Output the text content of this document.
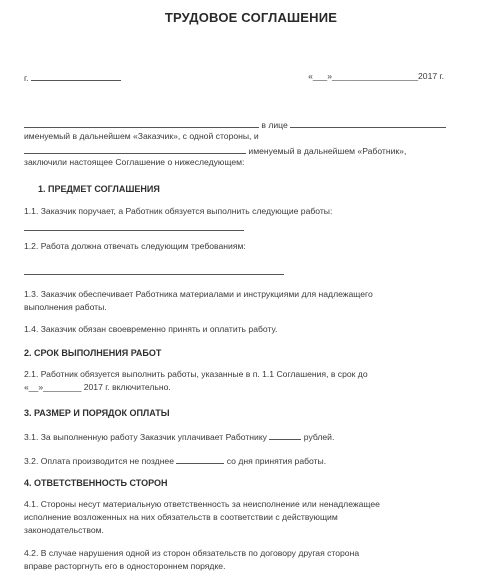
ТРУДОВОЕ СОГЛАШЕНИЕ
г.	«___»__________________2017 г.
в лице
именуемый в дальнейшем «Заказчик», с одной стороны, и
именуемый в дальнейшем «Работник»,
заключили настоящее Соглашение о нижеследующем:
1. ПРЕДМЕТ СОГЛАШЕНИЯ
1.1. Заказчик поручает, а Работник обязуется выполнить следующие работы:
1.2. Работа должна отвечать следующим требованиям:
1.3. Заказчик обеспечивает Работника материалами и инструкциями для надлежащего
выполнения работы.
1.4. Заказчик обязан своевременно принять и оплатить работу.
2. СРОК ВЫПОЛНЕНИЯ РАБОТ
2.1. Работник обязуется выполнить работы, указанные в п. 1.1 Соглашения, в срок до
«__»________ 2017 г. включительно.
3. РАЗМЕР И ПОРЯДОК ОПЛАТЫ
3.1. За выполненную работу Заказчик уплачивает Работнику	рублей.
3.2. Оплата производится не позднее	со дня принятия работы.
4. ОТВЕТСТВЕННОСТЬ СТОРОН
4.1. Стороны несут материальную ответственность за неисполнение или ненадлежащее
исполнение возложенных на них обязательств в соответствии с действующим
законодательством.
4.2. В случае нарушения одной из сторон обязательств по договору другая сторона
вправе расторгнуть его в одностороннем порядке.
